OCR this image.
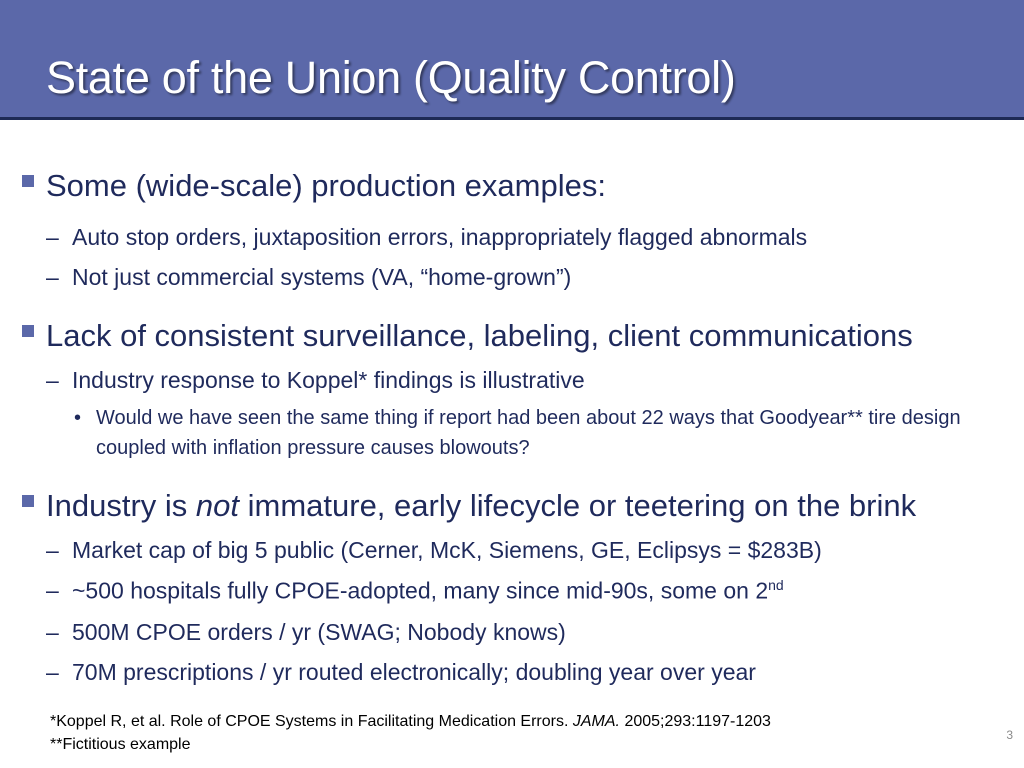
State of the Union (Quality Control)
Some (wide-scale) production examples:
– Auto stop orders, juxtaposition errors, inappropriately flagged abnormals
– Not just commercial systems (VA, “home-grown”)
Lack of consistent surveillance, labeling, client communications
– Industry response to Koppel* findings is illustrative
• Would we have seen the same thing if report had been about 22 ways that Goodyear** tire design coupled with inflation pressure causes blowouts?
Industry is not immature, early lifecycle or teetering on the brink
– Market cap of big 5 public (Cerner, McK, Siemens, GE, Eclipsys = $283B)
– ~500 hospitals fully CPOE-adopted, many since mid-90s, some on 2nd
– 500M CPOE orders / yr (SWAG; Nobody knows)
– 70M prescriptions / yr routed electronically; doubling year over year
*Koppel R, et al. Role of CPOE Systems in Facilitating Medication Errors. JAMA. 2005;293:1197-1203
**Fictitious example
3
